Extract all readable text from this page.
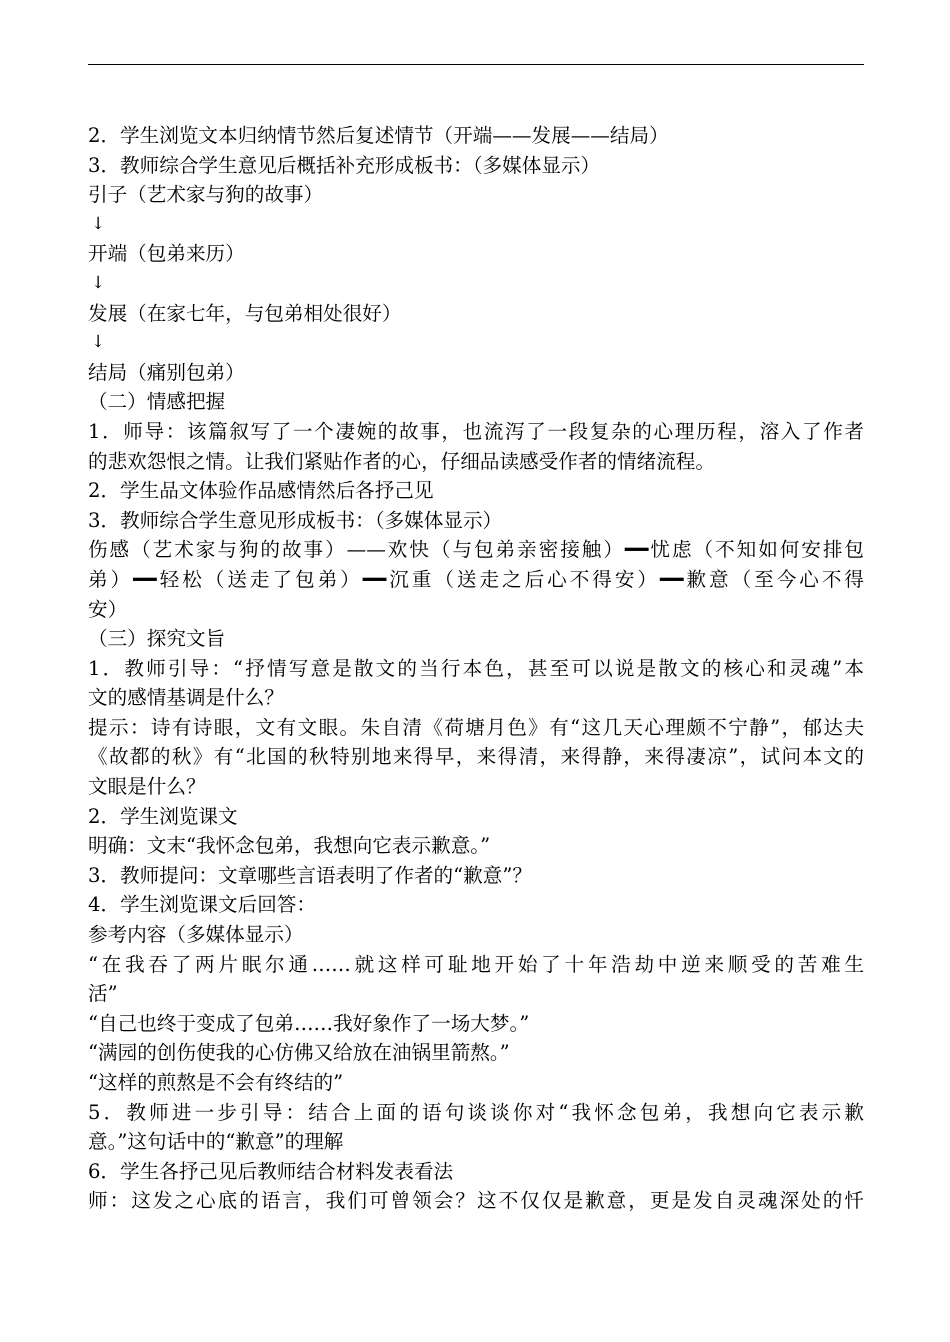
2．学生浏览文本归纳情节然后复述情节（开端——发展——结局）
3．教师综合学生意见后概括补充形成板书：（多媒体显示）
引子（艺术家与狗的故事）
↓
开端（包弟来历）
↓
发展（在家七年，与包弟相处很好）
↓
结局（痛别包弟）
（二）情感把握
1．师导：该篇叙写了一个凄婉的故事，也流泻了一段复杂的心理历程，溶入了作者
的悲欢怨恨之情。让我们紧贴作者的心，仔细品读感受作者的情绪流程。
2．学生品文体验作品感情然后各抒己见
3．教师综合学生意见形成板书：（多媒体显示）
伤感（艺术家与狗的故事）——欢快（与包弟亲密接触）━━忧虑（不知如何安排包
弟）━━轻松（送走了包弟）━━沉重（送走之后心不得安）━━歉意（至今心不得
安）
（三）探究文旨
1．教师引导：“抒情写意是散文的当行本色，甚至可以说是散文的核心和灵魂”本
文的感情基调是什么？
提示：诗有诗眼，文有文眼。朱自清《荷塘月色》有“这几天心理颇不宁静”，郁达夫
《故都的秋》有“北国的秋特别地来得早，来得清，来得静，来得凄凉”，试问本文的
文眼是什么？
2．学生浏览课文
明确：文末“我怀念包弟，我想向它表示歉意。”
3．教师提问：文章哪些言语表明了作者的“歉意”？
4．学生浏览课文后回答：
参考内容（多媒体显示）
“在我吞了两片眠尔通……就这样可耻地开始了十年浩劫中逆来顺受的苦难生
活”
“自己也终于变成了包弟……我好象作了一场大梦。”
“满园的创伤使我的心仿佛又给放在油锅里箭熬。”
“这样的煎熬是不会有终结的”
5．教师进一步引导：结合上面的语句谈谈你对“我怀念包弟，我想向它表示歉
意。”这句话中的“歉意”的理解
6．学生各抒己见后教师结合材料发表看法
师：这发之心底的语言，我们可曾领会？这不仅仅是歉意，更是发自灵魂深处的忏
